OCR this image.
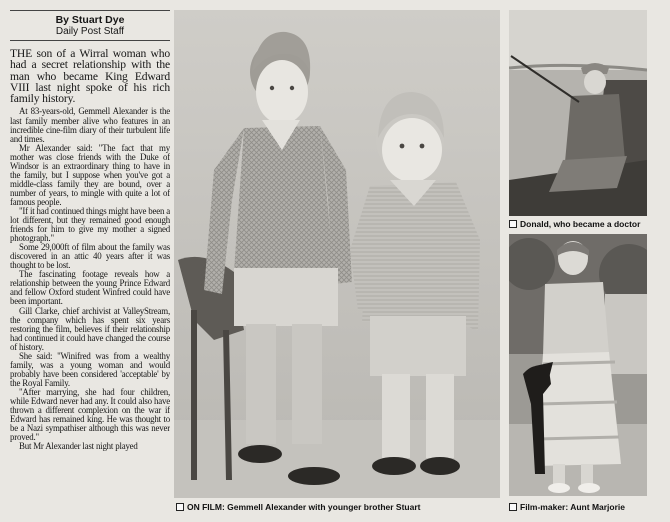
By Stuart Dye
Daily Post Staff

THE son of a Wirral woman who had a secret relationship with the man who became King Edward VIII last night spoke of his rich family history.

At 83-years-old, Gemmell Alexander is the last family member alive who features in an incredible cine-film diary of their turbulent life and times.

Mr Alexander said: "The fact that my mother was close friends with the Duke of Windsor is an extraordinary thing to have in the family, but I suppose when you've got a middle-class family they are bound, over a number of years, to mingle with quite a lot of famous people.

"If it had continued things might have been a lot different, but they remained good enough friends for him to give my mother a signed photograph."

Some 29,000ft of film about the family was discovered in an attic 40 years after it was thought to be lost.

The fascinating footage reveals how a relationship between the young Prince Edward and fellow Oxford student Winfred could have been important.

Gill Clarke, chief archivist at ValleyStream, the company which has spent six years restoring the film, believes if their relationship had continued it could have changed the course of history.

She said: "Winifred was from a wealthy family, was a young woman and would probably have been considered 'acceptable' by the Royal Family.

"After marrying, she had four children, while Edward never had any. It could also have thrown a different complexion on the war if Edward has remained king. He was thought to be a Nazi sympathiser although this was never proved."

But Mr Alexander last night played

Donald, who became a doctor
ON FILM: Gemmell Alexander with younger brother Stuart	Film-maker: Aunt Marjorie
